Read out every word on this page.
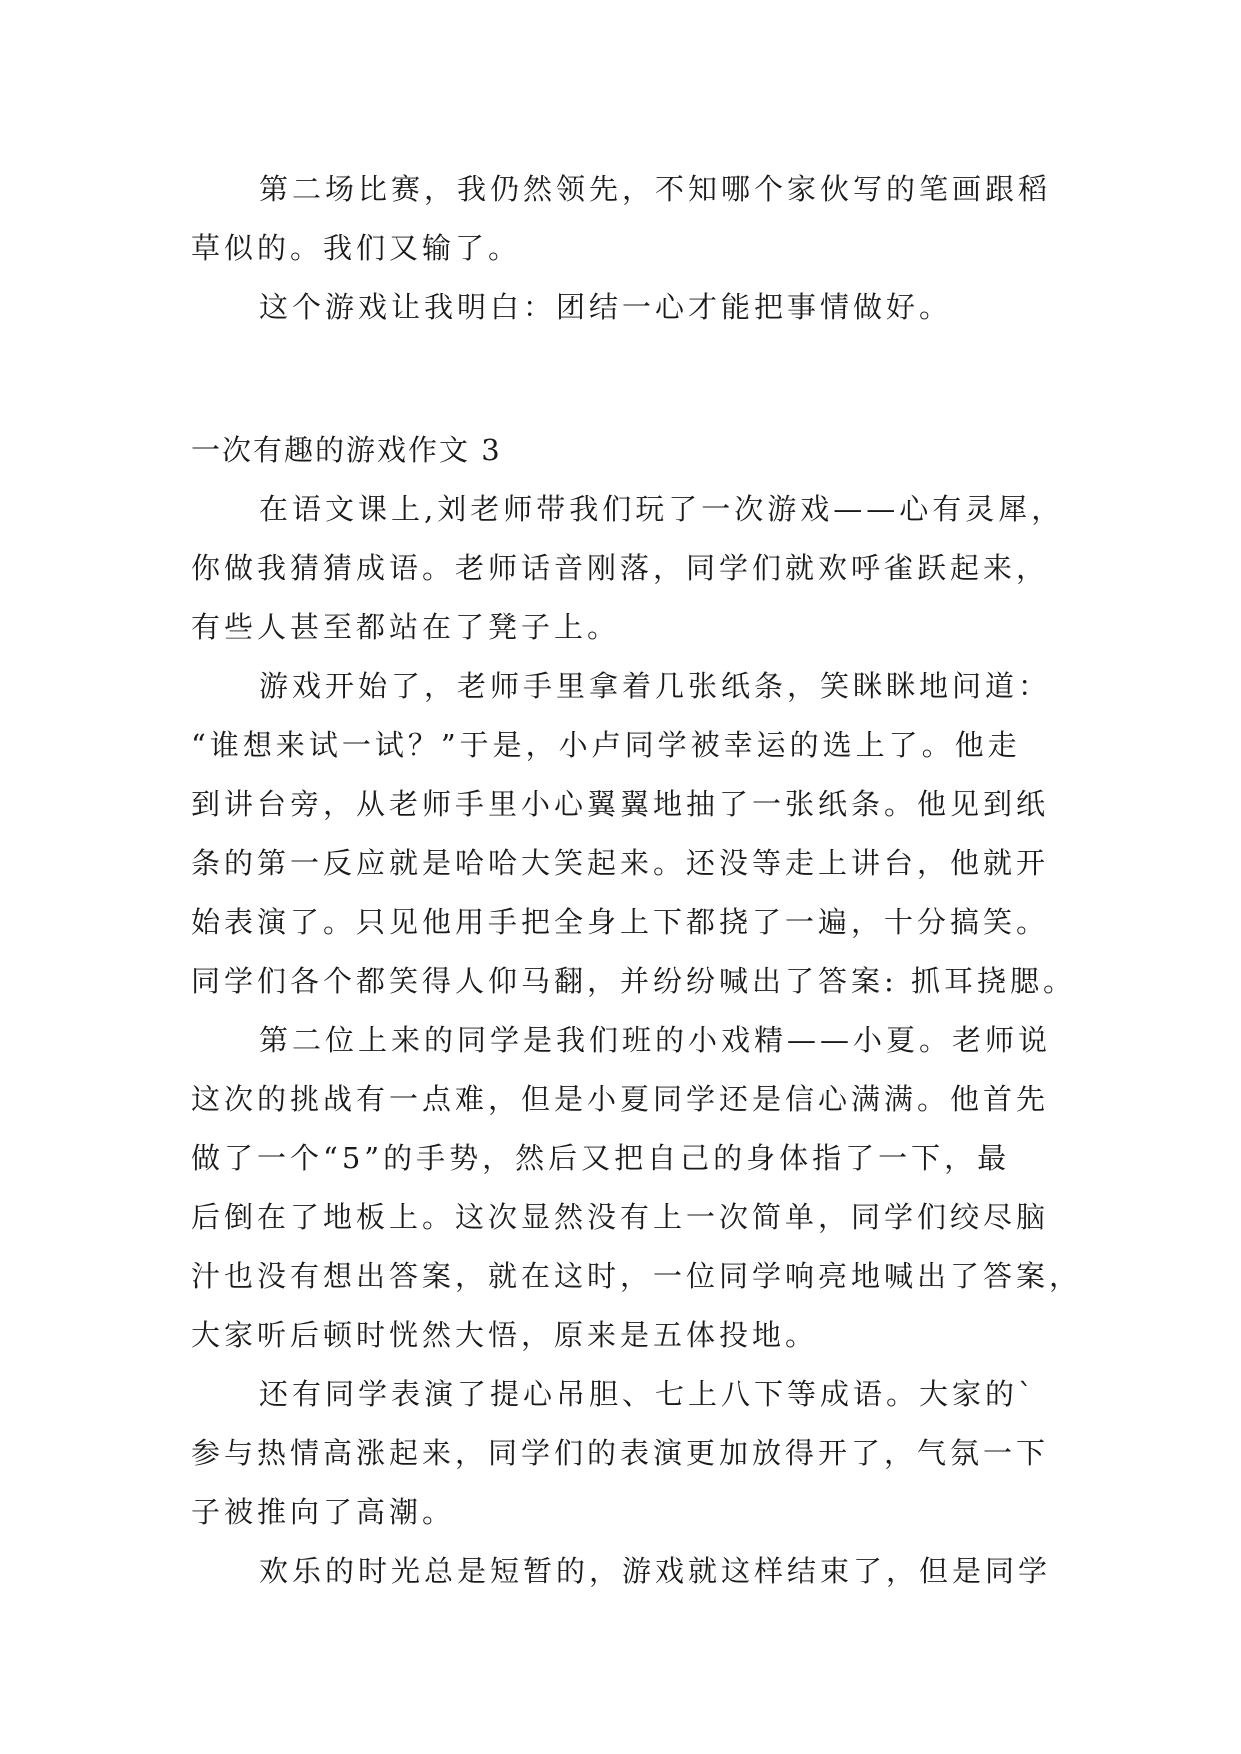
第二场比赛，我仍然领先，不知哪个家伙写的笔画跟稻
草似的。我们又输了。
这个游戏让我明白：团结一心才能把事情做好。
一次有趣的游戏作文 3
在语文课上,刘老师带我们玩了一次游戏——心有灵犀，
你做我猜猜成语。老师话音刚落，同学们就欢呼雀跃起来，
有些人甚至都站在了凳子上。
游戏开始了，老师手里拿着几张纸条，笑眯眯地问道：
“谁想来试一试？”于是，小卢同学被幸运的选上了。他走
到讲台旁，从老师手里小心翼翼地抽了一张纸条。他见到纸
条的第一反应就是哈哈大笑起来。还没等走上讲台，他就开
始表演了。只见他用手把全身上下都挠了一遍，十分搞笑。
同学们各个都笑得人仰马翻，并纷纷喊出了答案: 抓耳挠腮。
第二位上来的同学是我们班的小戏精——小夏。老师说
这次的挑战有一点难，但是小夏同学还是信心满满。他首先
做了一个“5”的手势，然后又把自己的身体指了一下，最
后倒在了地板上。这次显然没有上一次简单，同学们绞尽脑
汁也没有想出答案，就在这时，一位同学响亮地喊出了答案，
大家听后顿时恍然大悟，原来是五体投地。
还有同学表演了提心吊胆、七上八下等成语。大家的`
参与热情高涨起来，同学们的表演更加放得开了，气氛一下
子被推向了高潮。
欢乐的时光总是短暂的，游戏就这样结束了，但是同学
